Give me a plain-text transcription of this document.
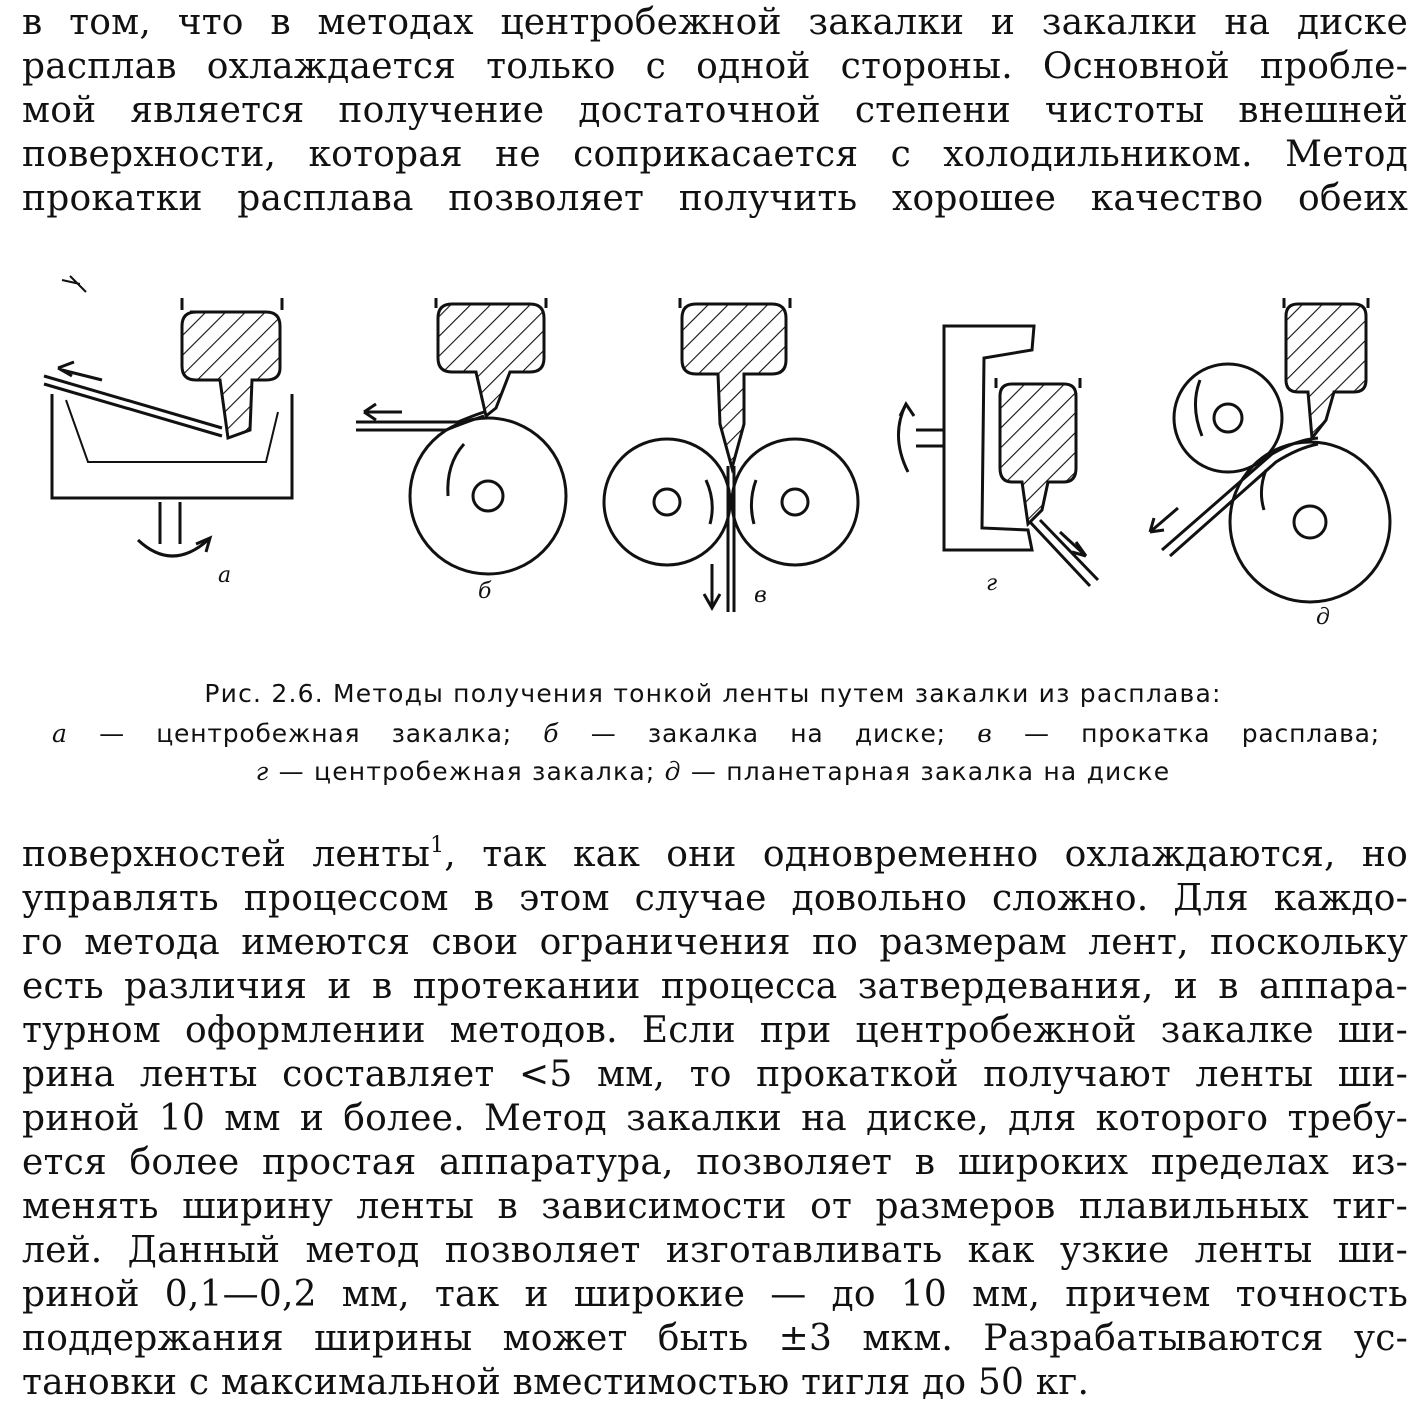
в том, что в методах центробежной закалки и закалки на диске
расплав охлаждается только с одной стороны. Основной пробле-
мой является получение достаточной степени чистоты внешней
поверхности, которая не соприкасается с холодильником. Метод
прокатки расплава позволяет получить хорошее качество обеих
а
б	в	г
д
Рис. 2.6. Методы получения тонкой ленты путем закалки из расплава:
а — центробежная закалка; б — закалка на диске; в — прокатка расплава;
г — центробежная закалка; д — планетарная закалка на диске
поверхностей ленты$^1$, так как они одновременно охлаждаются, но
управлять процессом в этом случае довольно сложно. Для каждо-
го метода имеются свои ограничения по размерам лент, поскольку
есть различия и в протекании процесса затвердевания, и в аппара-
турном оформлении методов. Если при центробежной закалке ши-
рина ленты составляет <5 мм, то прокаткой получают ленты ши-
риной 10 мм и более. Метод закалки на диске, для которого требу-
ется более простая аппаратура, позволяет в широких пределах из-
менять ширину ленты в зависимости от размеров плавильных тиг-
лей. Данный метод позволяет изготавливать как узкие ленты ши-
риной 0,1—0,2 мм, так и широкие — до 10 мм, причем точность
поддержания ширины может быть ±3 мкм. Разрабатываются ус-
тановки с максимальной вместимостью тигля до 50 кг.
